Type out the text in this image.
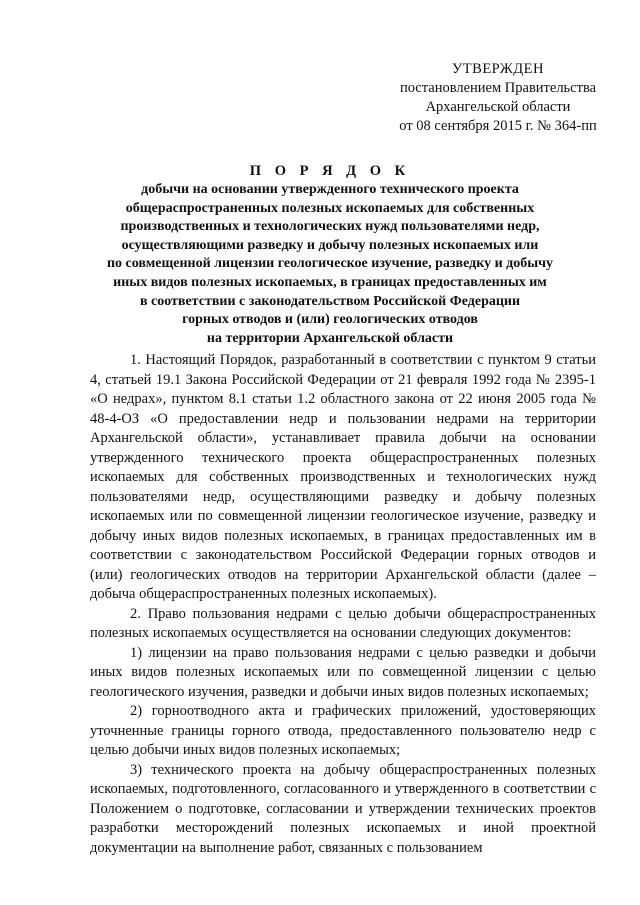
УТВЕРЖДЕН
постановлением Правительства
Архангельской области
от 08 сентября 2015 г. № 364-пп
П О Р Я Д О К
добычи на основании утвержденного технического проекта
общераспространенных полезных ископаемых для собственных
производственных и технологических нужд пользователями недр,
осуществляющими разведку и добычу полезных ископаемых или
по совмещенной лицензии геологическое изучение, разведку и добычу
иных видов полезных ископаемых, в границах предоставленных им
в соответствии с законодательством Российской Федерации
горных отводов и (или) геологических отводов
на территории Архангельской области

1. Настоящий Порядок, разработанный в соответствии с пунктом 9 статьи 4, статьей 19.1 Закона Российской Федерации от 21 февраля 1992 года № 2395-1 «О недрах», пунктом 8.1 статьи 1.2 областного закона от 22 июня 2005 года № 48-4-ОЗ «О предоставлении недр и пользовании недрами на территории Архангельской области», устанавливает правила добычи на основании утвержденного технического проекта общераспространенных полезных ископаемых для собственных производственных и технологических нужд пользователями недр, осуществляющими разведку и добычу полезных ископаемых или по совмещенной лицензии геологическое изучение, разведку и добычу иных видов полезных ископаемых, в границах предоставленных им в соответствии с законодательством Российской Федерации горных отводов и (или) геологических отводов на территории Архангельской области (далее – добыча общераспространенных полезных ископаемых).

2. Право пользования недрами с целью добычи общераспространенных полезных ископаемых осуществляется на основании следующих документов:

1) лицензии на право пользования недрами с целью разведки и добычи иных видов полезных ископаемых или по совмещенной лицензии с целью геологического изучения, разведки и добычи иных видов полезных ископаемых;

2) горноотводного акта и графических приложений, удостоверяющих уточненные границы горного отвода, предоставленного пользователю недр с целью добычи иных видов полезных ископаемых;

3) технического проекта на добычу общераспространенных полезных ископаемых, подготовленного, согласованного и утвержденного в соответствии с Положением о подготовке, согласовании и утверждении технических проектов разработки месторождений полезных ископаемых и иной проектной документации на выполнение работ, связанных с пользованием
